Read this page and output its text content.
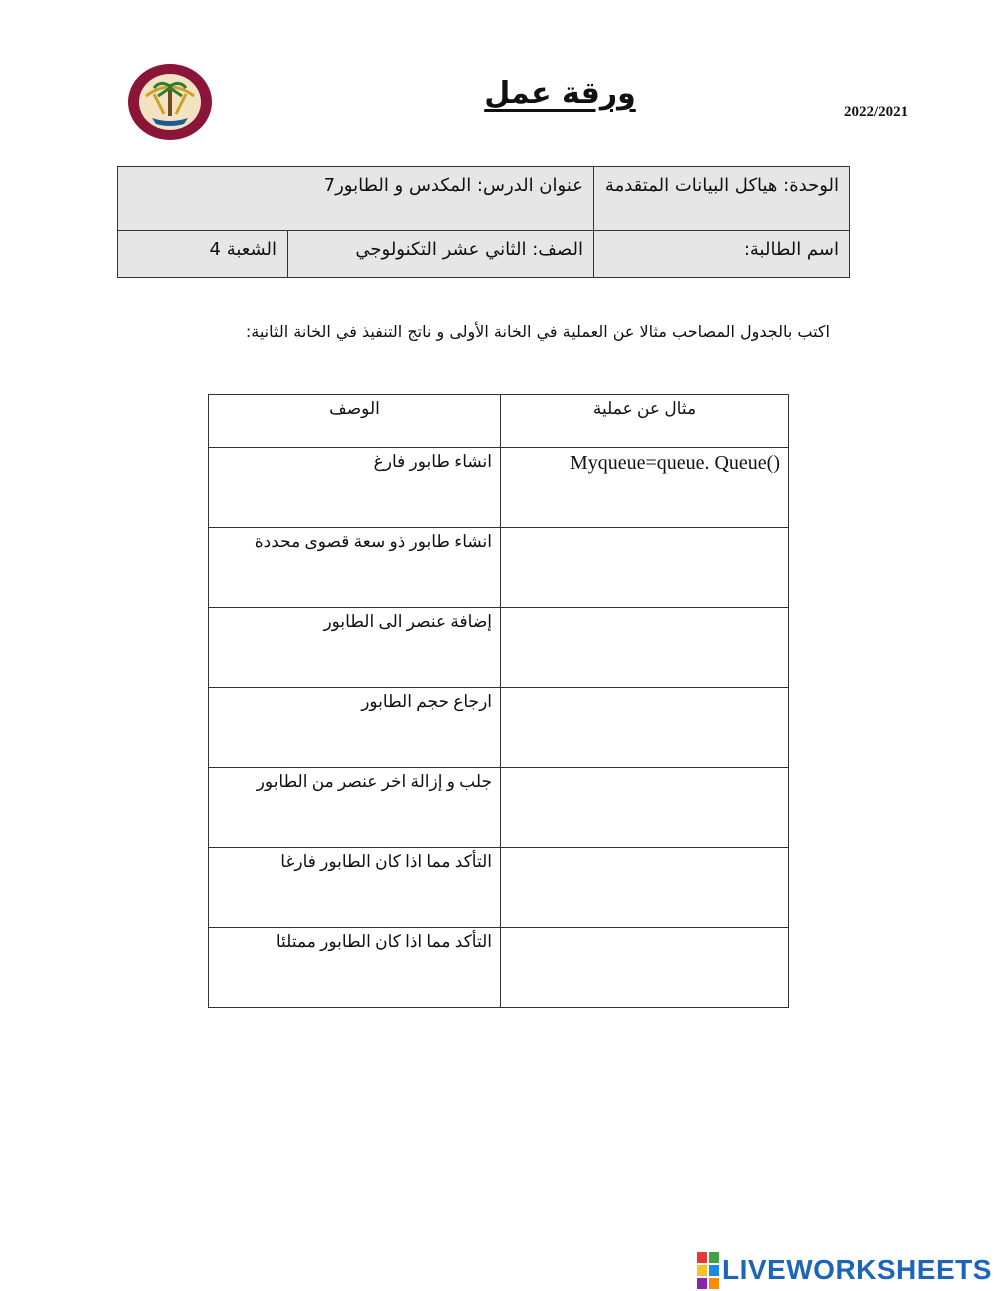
ورقة عمل
2022/2021
الوحدة: هياكل البيانات المتقدمة	عنوان الدرس: المكدس و الطابور7	
اسم الطالبة:	الصف: الثاني عشر التكنولوجي	الشعبة 4
اكتب بالجدول المصاحب مثالا عن العملية في الخانة الأولى و ناتج التنفيذ في الخانة الثانية:
الوصف	مثال عن عملية
انشاء طابور فارغ	Myqueue=queue. Queue()
انشاء طابور ذو سعة قصوى محددة	
إضافة عنصر الى الطابور	
ارجاع حجم الطابور	
جلب و إزالة اخر عنصر من الطابور	
التأكد مما اذا كان الطابور فارغا	
التأكد مما اذا كان الطابور ممتلئا	
LIVEWORKSHEETS
